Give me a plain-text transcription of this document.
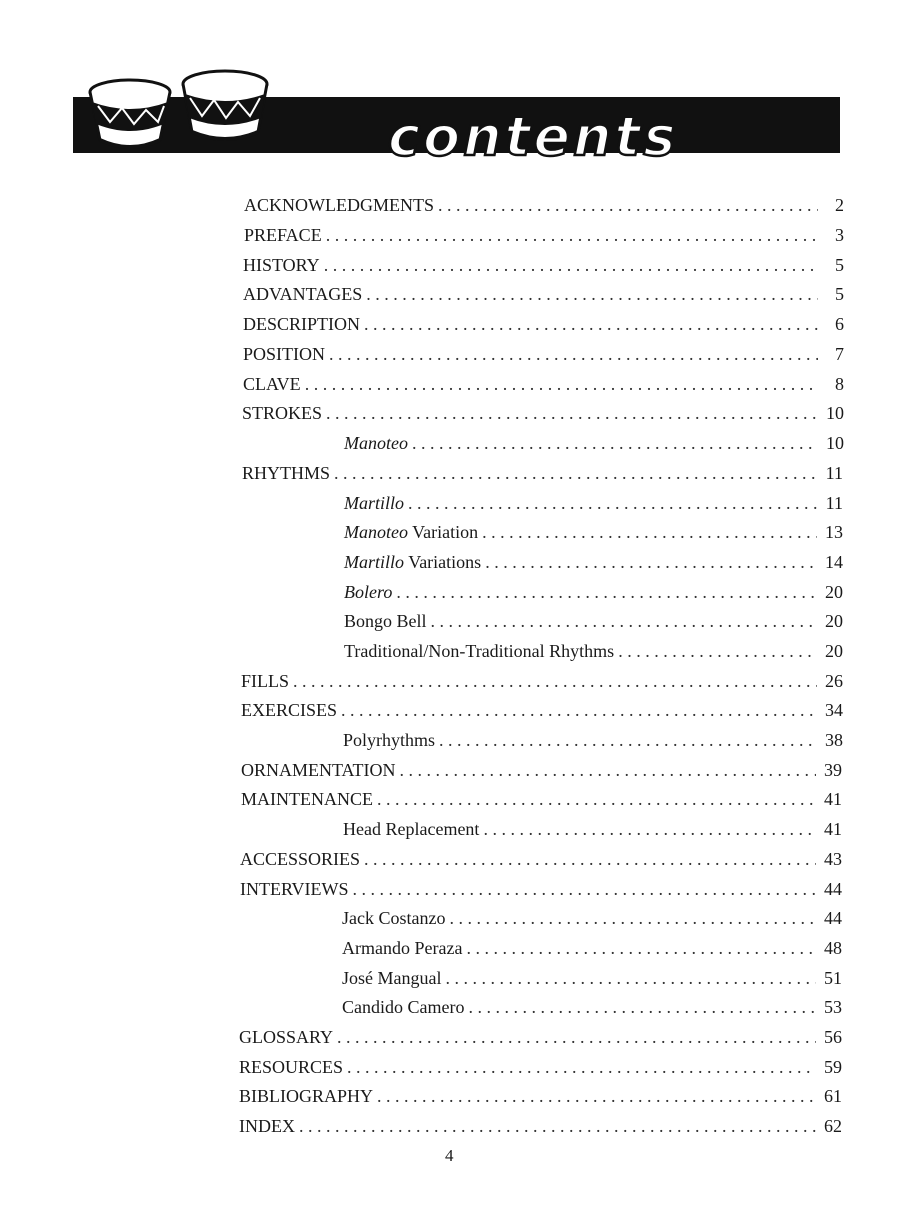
contents
ACKNOWLEDGMENTS . . .	2
PREFACE . . .	3
HISTORY . . .	5
ADVANTAGES . . .	5
DESCRIPTION . . .	6
POSITION . . .	7
CLAVE . . .	8
STROKES . . .	10
Manoteo . . .	10
RHYTHMS . . .	11
Martillo . . .	11
Manoteo Variation . . .	13
Martillo Variations . . .	14
Bolero . . .	20
Bongo Bell . . .	20
Traditional/Non-Traditional Rhythms . . .	20
FILLS . . .	26
EXERCISES . . .	34
Polyrhythms . . .	38
ORNAMENTATION . . .	39
MAINTENANCE . . .	41
Head Replacement . . .	41
ACCESSORIES . . .	43
INTERVIEWS . . .	44
Jack Costanzo . . .	44
Armando Peraza . . .	48
José Mangual . . .	51
Candido Camero . . .	53
GLOSSARY . . .	56
RESOURCES . . .	59
BIBLIOGRAPHY . . .	61
INDEX . . .	62
4
